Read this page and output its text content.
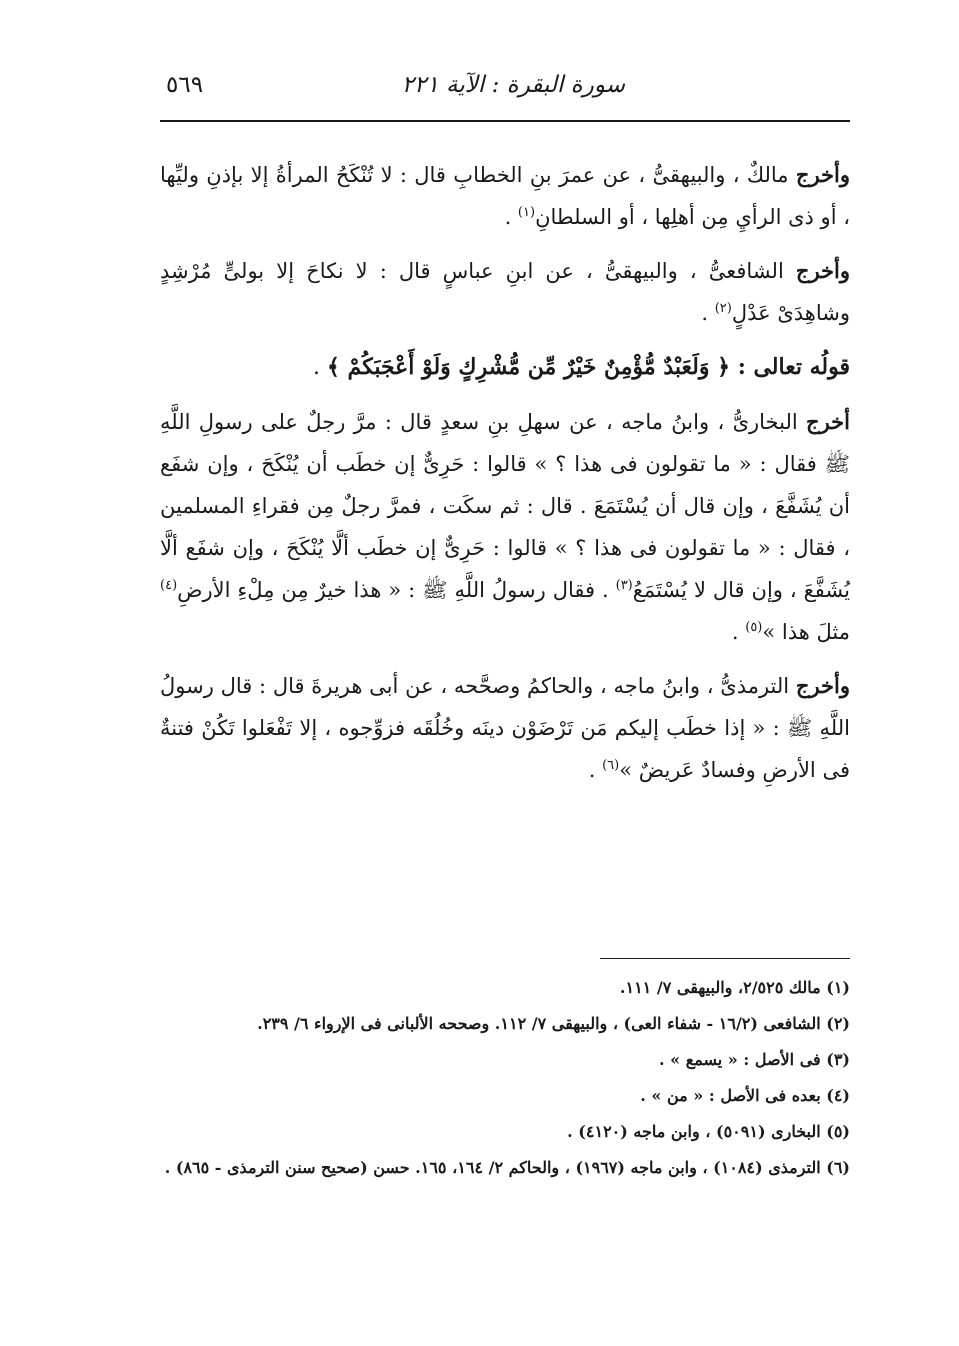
سورة البقرة : الآية ٢٢١
٥٦٩

وأخرج مالكٌ ، والبيهقىُّ ، عن عمرَ بنِ الخطابِ قال : لا تُنْكَحُ المرأةُ إلا بإذنِ وليِّها ، أو ذى الرأيِ مِن أهلِها ، أو السلطانِ$^{(١)}$ .

وأخرج الشافعىُّ ، والبيهقىُّ ، عن ابنِ عباسٍ قال : لا نكاحَ إلا بولىٍّ مُرْشِدٍ وشاهِدَىْ عَدْلٍ$^{(٢)}$ .

قولُه تعالى : ﴿ وَلَعَبْدٌ مُّؤْمِنٌ خَيْرٌ مِّن مُّشْرِكٍ وَلَوْ أَعْجَبَكُمْ ﴾ .

أخرج البخارىُّ ، وابنُ ماجه ، عن سهلِ بنِ سعدٍ قال : مرَّ رجلٌ على رسولِ اللَّهِ ﷺ فقال : « ما تقولون فى هذا ؟ » قالوا : حَرِىٌّ إن خطَب أن يُنْكَحَ ، وإن شفَع أن يُشَفَّعَ ، وإن قال أن يُسْتَمَعَ . قال : ثم سكَت ، فمرَّ رجلٌ مِن فقراءِ المسلمين ، فقال : « ما تقولون فى هذا ؟ » قالوا : حَرِىٌّ إن خطَب ألَّا يُنْكَحَ ، وإن شفَع ألَّا يُشَفَّعَ ، وإن قال لا يُسْتَمَعُ$^{(٣)}$ . فقال رسولُ اللَّهِ ﷺ : « هذا خيرٌ مِن مِلْءِ الأرضِ$^{(٤)}$ مثلَ هذا »$^{(٥)}$ .

وأخرج الترمذىُّ ، وابنُ ماجه ، والحاكمُ وصحَّحه ، عن أبى هريرةَ قال : قال رسولُ اللَّهِ ﷺ : « إذا خطَب إليكم مَن تَرْضَوْن دينَه وخُلُقَه فزوِّجوه ، إلا تَفْعَلوا تَكُنْ فتنةٌ فى الأرضِ وفسادٌ عَريضٌ »$^{(٦)}$ .

(١) مالك ٢/٥٢٥، والبيهقى ٧/ ١١١.

(٢) الشافعى (١٦/٢ - شفاء العى) ، والبيهقى ٧/ ١١٢. وصححه الألبانى فى الإرواء ٦/ ٢٣٩.

(٣) فى الأصل : « يسمع » .

(٤) بعده فى الأصل : « من » .

(٥) البخارى (٥٠٩١) ، وابن ماجه (٤١٢٠) .

(٦) الترمذى (١٠٨٤) ، وابن ماجه (١٩٦٧) ، والحاكم ٢/ ١٦٤، ١٦٥. حسن (صحيح سنن الترمذى - ٨٦٥) .
